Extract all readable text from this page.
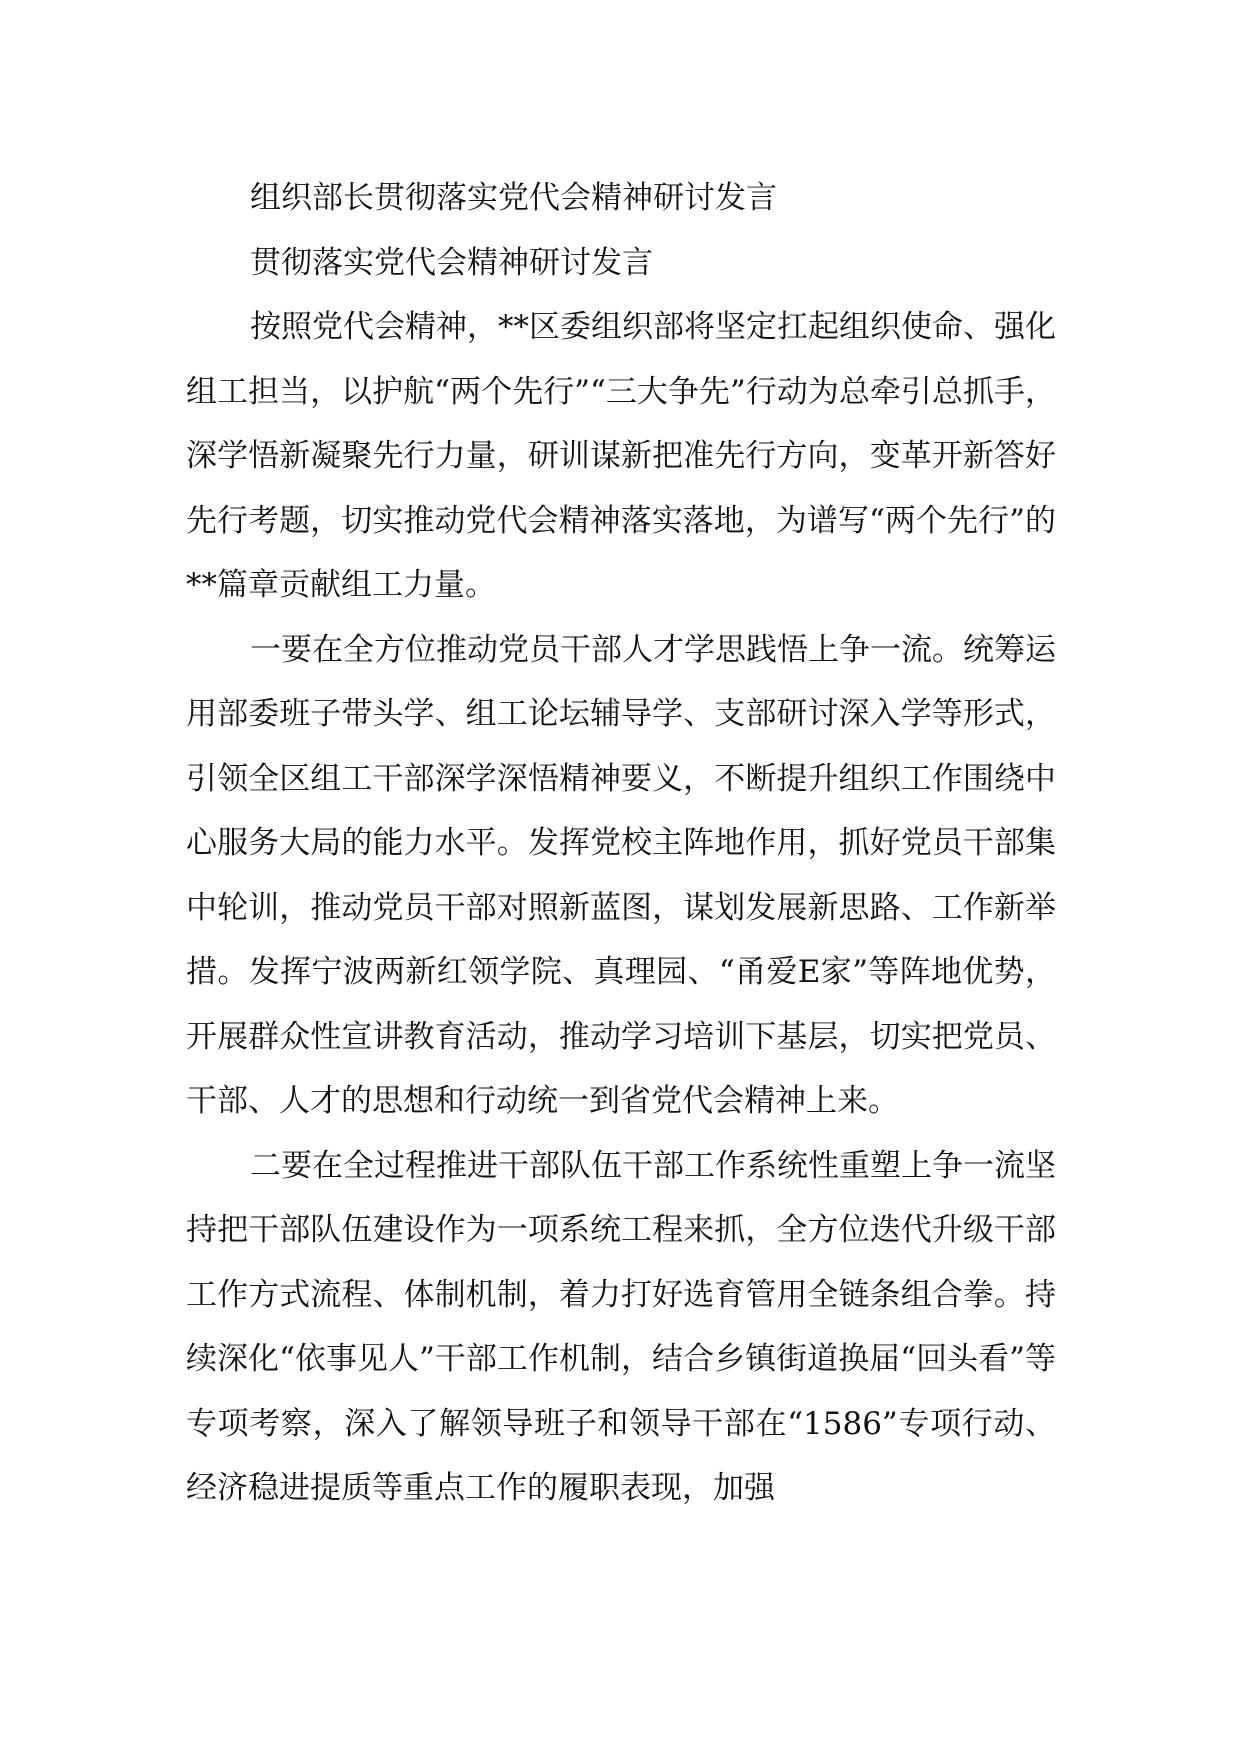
组织部长贯彻落实党代会精神研讨发言

贯彻落实党代会精神研讨发言

按照党代会精神，**区委组织部将坚定扛起组织使命、强化组工担当，以护航“两个先行”“三大争先”行动为总牵引总抓手，深学悟新凝聚先行力量，研训谋新把准先行方向，变革开新答好先行考题，切实推动党代会精神落实落地，为谱写“两个先行”的**篇章贡献组工力量。

一要在全方位推动党员干部人才学思践悟上争一流。统筹运用部委班子带头学、组工论坛辅导学、支部研讨深入学等形式，引领全区组工干部深学深悟精神要义，不断提升组织工作围绕中心服务大局的能力水平。发挥党校主阵地作用，抓好党员干部集中轮训，推动党员干部对照新蓝图，谋划发展新思路、工作新举措。发挥宁波两新红领学院、真理园、“甬爱E家”等阵地优势，开展群众性宣讲教育活动，推动学习培训下基层，切实把党员、干部、人才的思想和行动统一到省党代会精神上来。

二要在全过程推进干部队伍干部工作系统性重塑上争一流坚持把干部队伍建设作为一项系统工程来抓，全方位迭代升级干部工作方式流程、体制机制，着力打好选育管用全链条组合拳。持续深化“依事见人”干部工作机制，结合乡镇街道换届“回头看”等专项考察，深入了解领导班子和领导干部在“1586”专项行动、经济稳进提质等重点工作的履职表现，加强
